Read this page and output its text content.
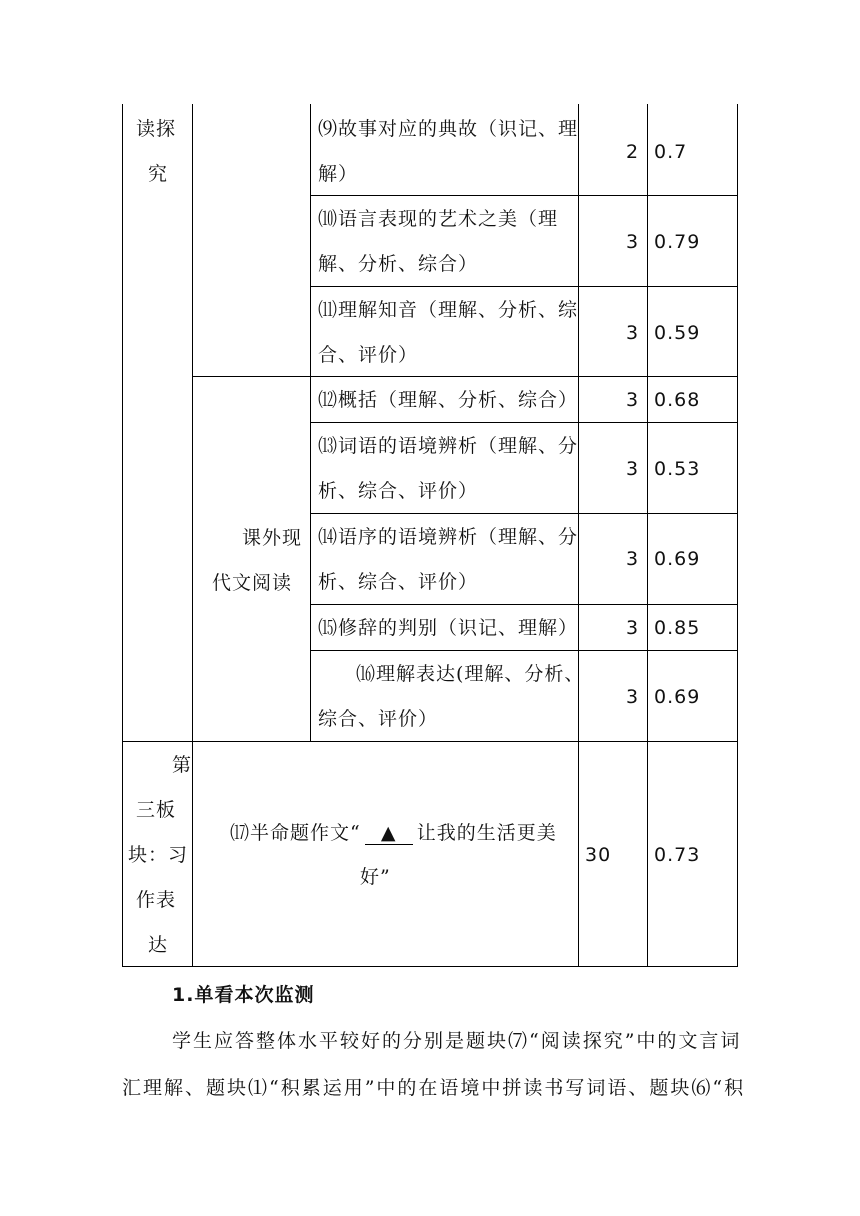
读探
究
课外现
代文阅读
⑼故事对应的典故（识记、理
解）
2 0.7
⑽语言表现的艺术之美（理
解、分析、综合）
3 0.79
⑾理解知音（理解、分析、综
合、评价）
3 0.59
⑿概括（理解、分析、综合）	3 0.68
⒀词语的语境辨析（理解、分
析、综合、评价）
3 0.53
⒁语序的语境辨析（理解、分
析、综合、评价）
3 0.69
⒂修辞的判别（识记、理解）	3 0.85
⒃理解表达(理解、分析、
综合、评价）
3 0.69
第
三板
块：习
作表
达
⒄半命题作文“ ▲ 让我的生活更美
好”
30 0.73
1.单看本次监测
学生应答整体水平较好的分别是题块⑺“阅读探究”中的文言词
汇理解、题块⑴“积累运用”中的在语境中拼读书写词语、题块⑹“积
